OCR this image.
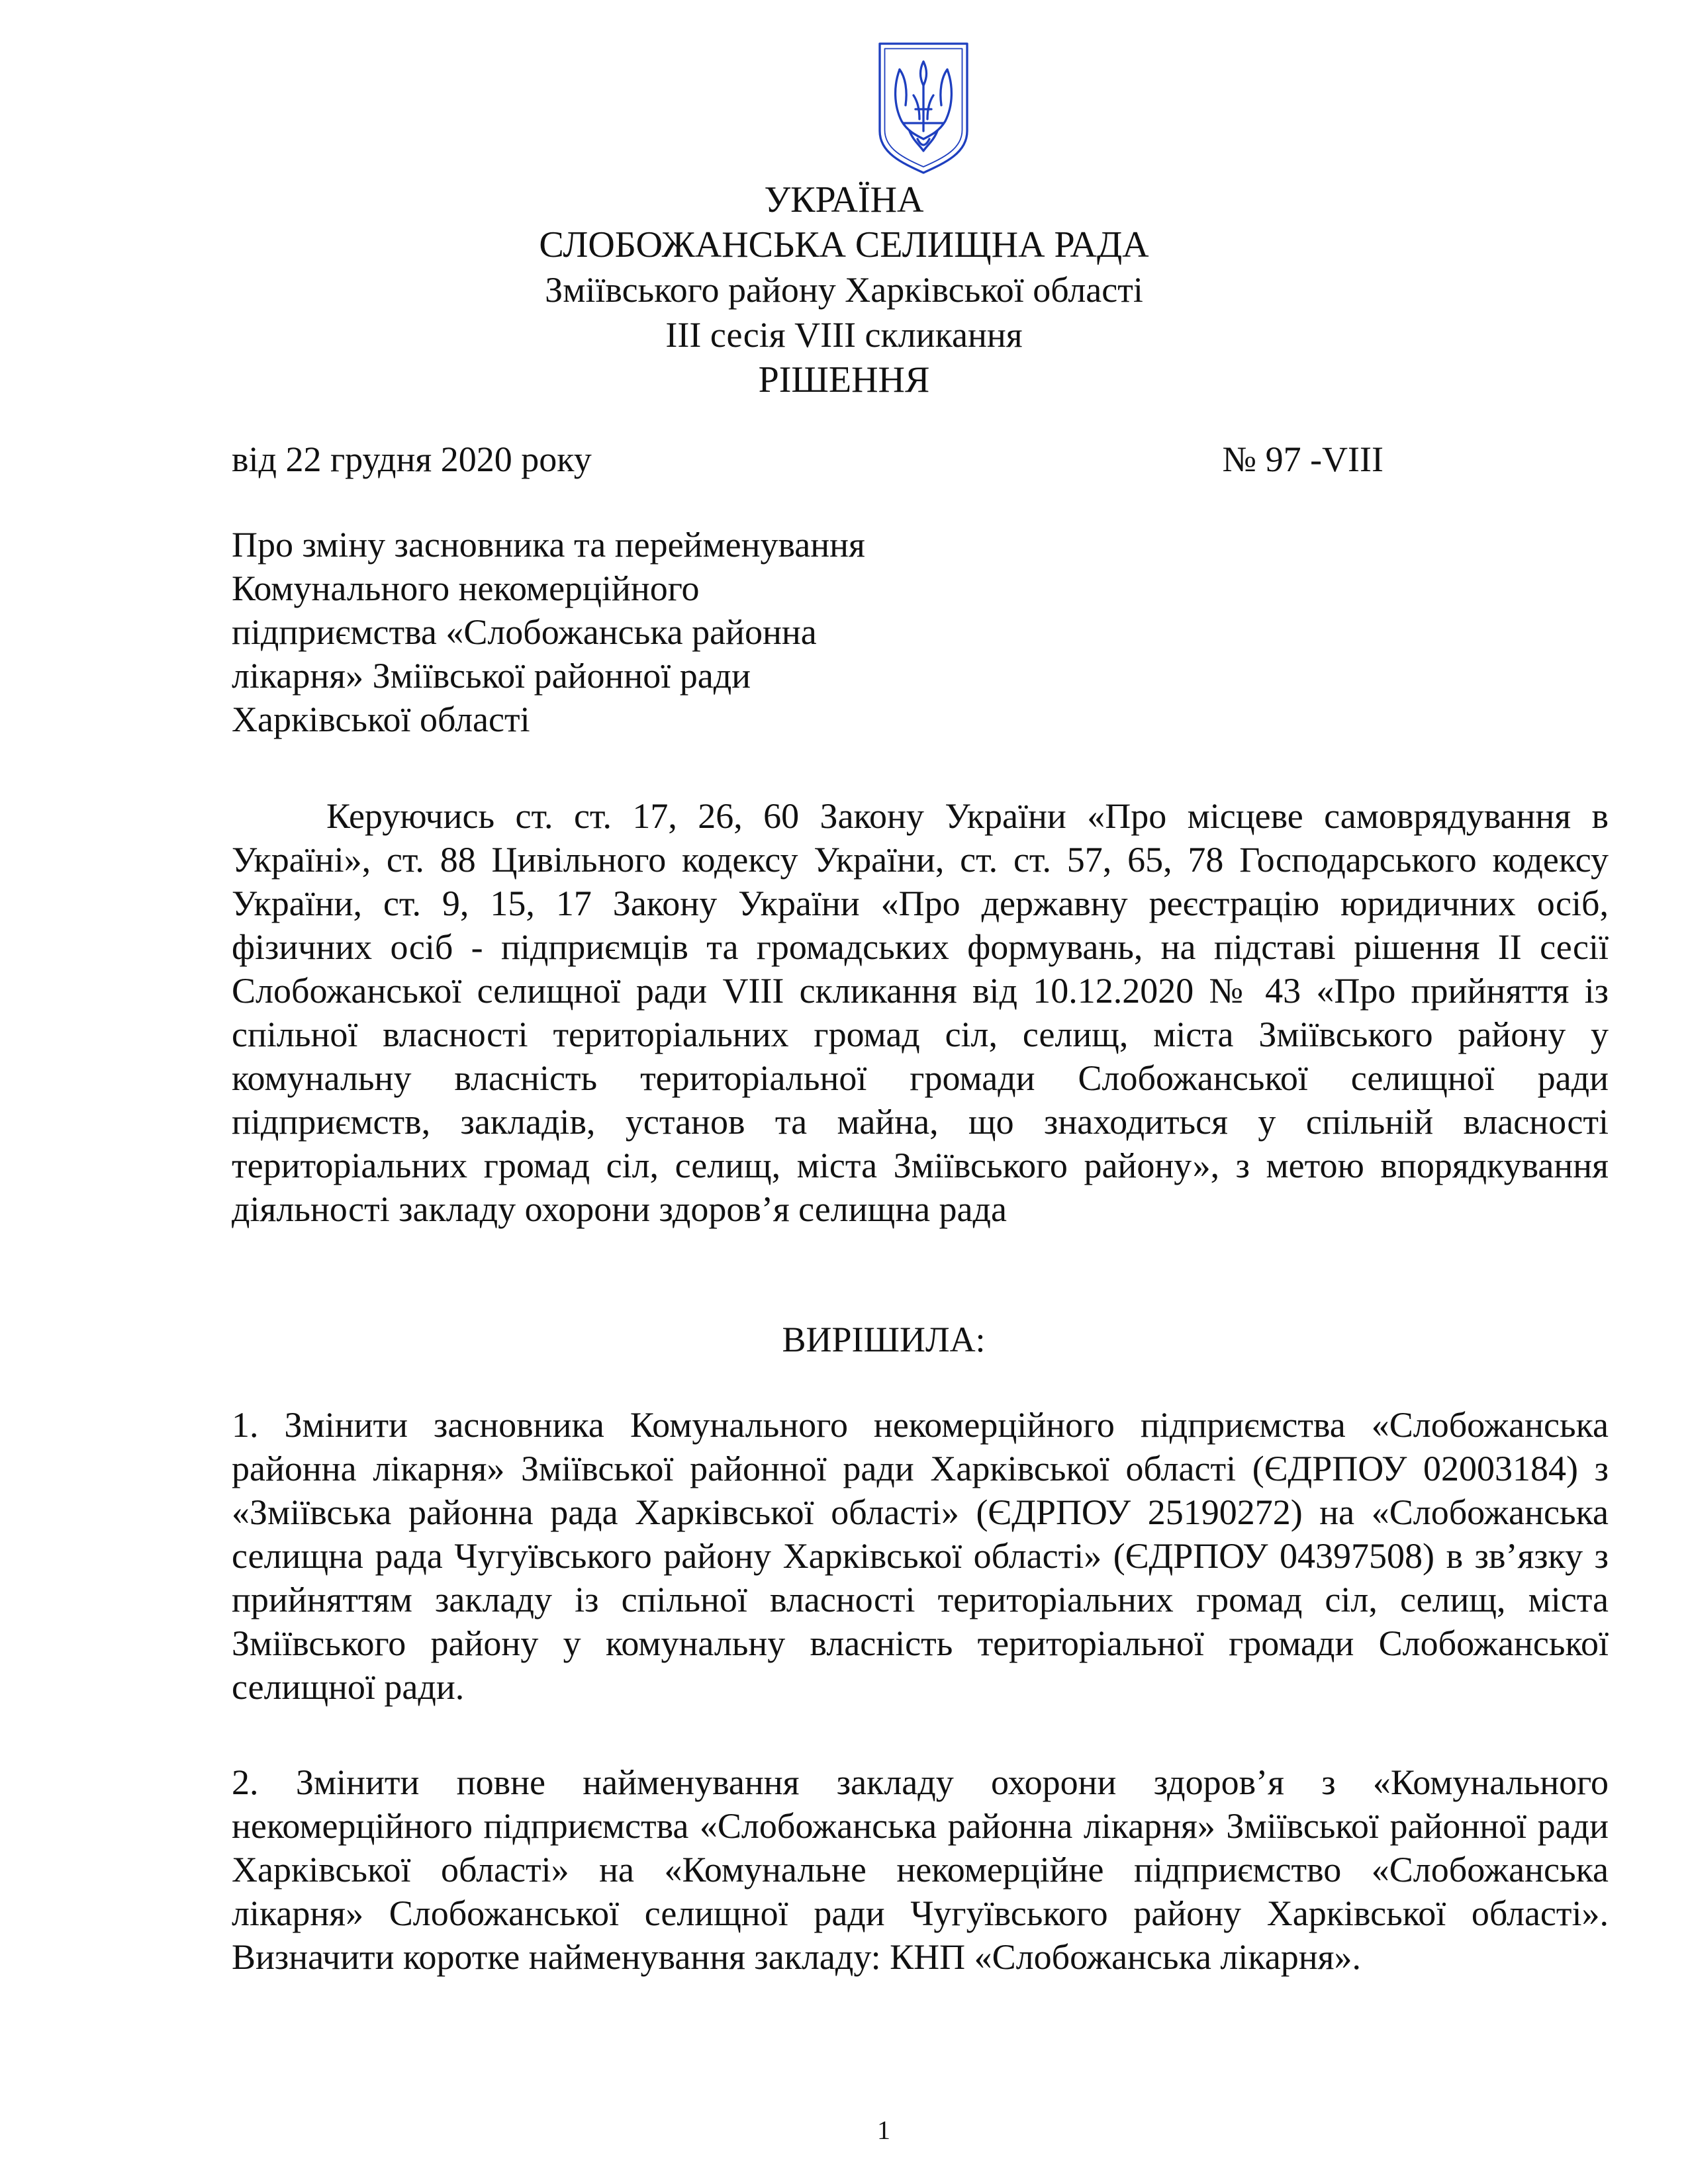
УКРАЇНА
СЛОБОЖАНСЬКА СЕЛИЩНА РАДА
Зміївського району Харківської області
ІІІ сесія VIII скликання
РІШЕННЯ
від 22 грудня 2020 року	№ 97 -VIII
Про зміну засновника та перейменування
Комунального некомерційного
підприємства «Слобожанська районна
лікарня» Зміївської районної ради
Харківської області
Керуючись ст. ст. 17, 26, 60 Закону України «Про місцеве самоврядування в Україні», ст. 88 Цивільного кодексу України, ст. ст. 57, 65, 78 Господарського кодексу України, ст. 9, 15, 17 Закону України «Про державну реєстрацію юридичних осіб, фізичних осіб - підприємців та громадських формувань, на підставі рішення ІІ сесії Слобожанської селищної ради VIII скликання від 10.12.2020 № 43 «Про прийняття із спільної власності територіальних громад сіл, селищ, міста Зміївського району у комунальну власність територіальної громади Слобожанської селищної ради підприємств, закладів, установ та майна, що знаходиться у спільній власності територіальних громад сіл, селищ, міста Зміївського району», з метою впорядкування діяльності закладу охорони здоров’я селищна рада
ВИРІШИЛА:
1. Змінити засновника Комунального некомерційного підприємства «Слобожанська районна лікарня» Зміївської районної ради Харківської області (ЄДРПОУ 02003184) з «Зміївська районна рада Харківської області» (ЄДРПОУ 25190272) на «Слобожанська селищна рада Чугуївського району Харківської області» (ЄДРПОУ 04397508) в зв’язку з прийняттям закладу із спільної власності територіальних громад сіл, селищ, міста Зміївського району у комунальну власність територіальної громади Слобожанської селищної ради.
2. Змінити повне найменування закладу охорони здоров’я з «Комунального некомерційного підприємства «Слобожанська районна лікарня» Зміївської районної ради Харківської області» на «Комунальне некомерційне підприємство «Слобожанська лікарня» Слобожанської селищної ради Чугуївського району Харківської області». Визначити коротке найменування закладу: КНП «Слобожанська лікарня».
1
